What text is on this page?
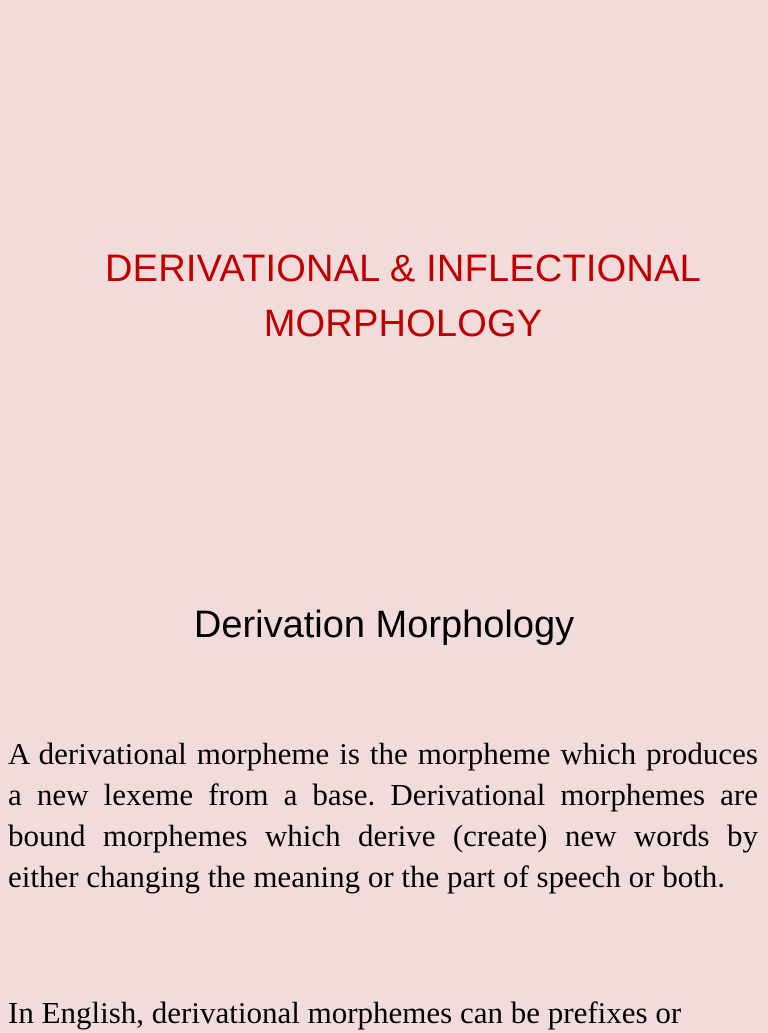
DERIVATIONAL & INFLECTIONAL
MORPHOLOGY
Derivation Morphology

A derivational morpheme is the morpheme which produces a new lexeme from a base. Derivational morphemes are bound morphemes which derive (create) new words by either changing the meaning or the part of speech or both.

In English, derivational morphemes can be prefixes or
